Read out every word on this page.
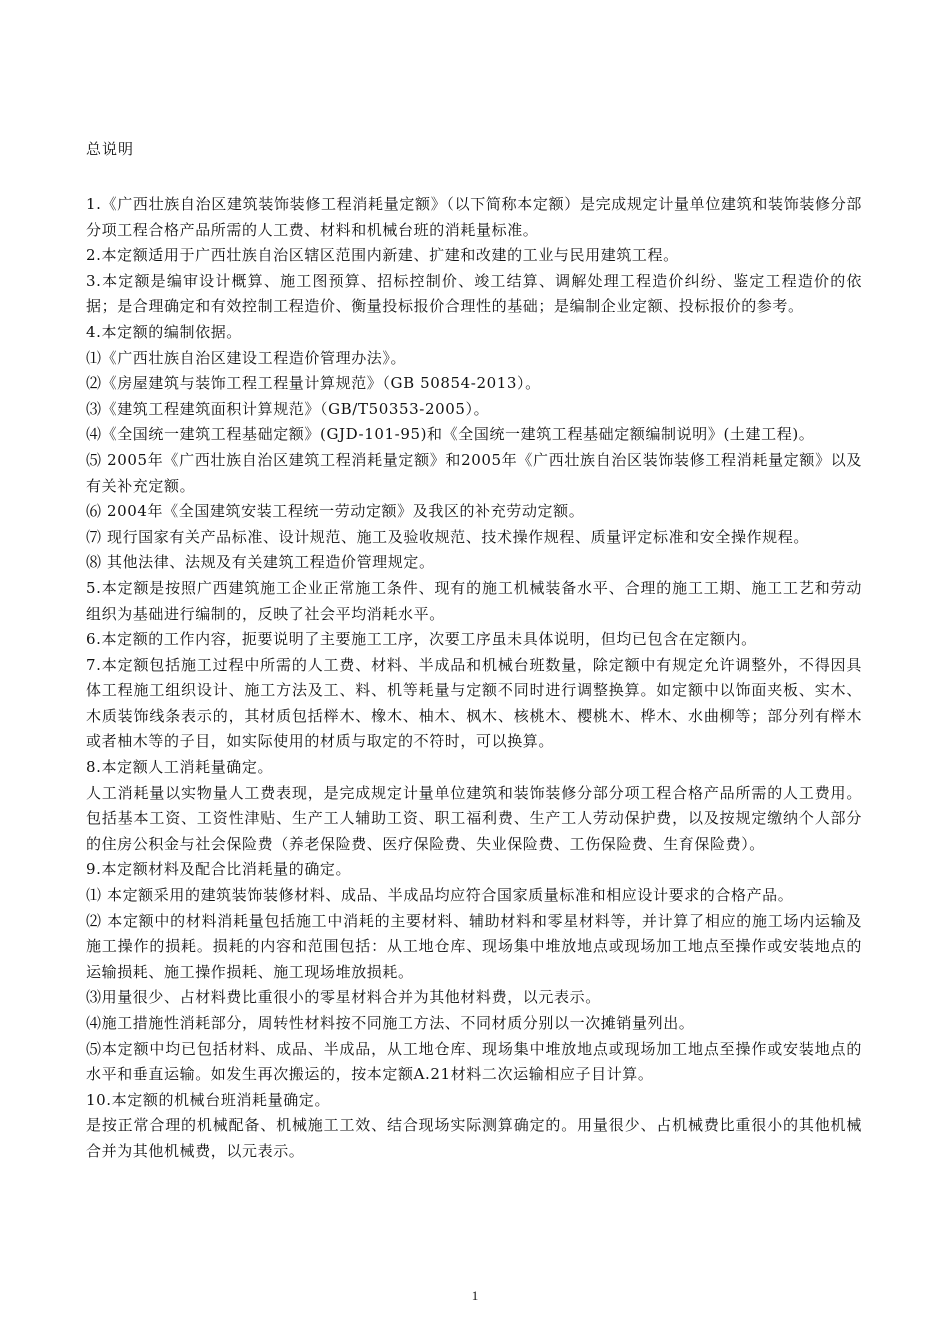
总说明

1.《广西壮族自治区建筑装饰装修工程消耗量定额》（以下简称本定额）是完成规定计量单位建筑和装饰装修分部分项工程合格产品所需的人工费、材料和机械台班的消耗量标准。

2.本定额适用于广西壮族自治区辖区范围内新建、扩建和改建的工业与民用建筑工程。

3.本定额是编审设计概算、施工图预算、招标控制价、竣工结算、调解处理工程造价纠纷、鉴定工程造价的依据；是合理确定和有效控制工程造价、衡量投标报价合理性的基础；是编制企业定额、投标报价的参考。

4.本定额的编制依据。

⑴《广西壮族自治区建设工程造价管理办法》。

⑵《房屋建筑与装饰工程工程量计算规范》（GB 50854-2013）。

⑶《建筑工程建筑面积计算规范》（GB/T50353-2005）。

⑷《全国统一建筑工程基础定额》(GJD-101-95)和《全国统一建筑工程基础定额编制说明》(土建工程)。

⑸ 2005年《广西壮族自治区建筑工程消耗量定额》和2005年《广西壮族自治区装饰装修工程消耗量定额》以及有关补充定额。

⑹ 2004年《全国建筑安装工程统一劳动定额》及我区的补充劳动定额。

⑺ 现行国家有关产品标准、设计规范、施工及验收规范、技术操作规程、质量评定标准和安全操作规程。

⑻ 其他法律、法规及有关建筑工程造价管理规定。

5.本定额是按照广西建筑施工企业正常施工条件、现有的施工机械装备水平、合理的施工工期、施工工艺和劳动组织为基础进行编制的，反映了社会平均消耗水平。

6.本定额的工作内容，扼要说明了主要施工工序，次要工序虽未具体说明，但均已包含在定额内。

7.本定额包括施工过程中所需的人工费、材料、半成品和机械台班数量，除定额中有规定允许调整外，不得因具体工程施工组织设计、施工方法及工、料、机等耗量与定额不同时进行调整换算。如定额中以饰面夹板、实木、木质装饰线条表示的，其材质包括榉木、橡木、柚木、枫木、核桃木、樱桃木、桦木、水曲柳等；部分列有榉木或者柚木等的子目，如实际使用的材质与取定的不符时，可以换算。

8.本定额人工消耗量确定。

人工消耗量以实物量人工费表现，是完成规定计量单位建筑和装饰装修分部分项工程合格产品所需的人工费用。包括基本工资、工资性津贴、生产工人辅助工资、职工福利费、生产工人劳动保护费，以及按规定缴纳个人部分的住房公积金与社会保险费（养老保险费、医疗保险费、失业保险费、工伤保险费、生育保险费）。

9.本定额材料及配合比消耗量的确定。

⑴ 本定额采用的建筑装饰装修材料、成品、半成品均应符合国家质量标准和相应设计要求的合格产品。

⑵ 本定额中的材料消耗量包括施工中消耗的主要材料、辅助材料和零星材料等，并计算了相应的施工场内运输及施工操作的损耗。损耗的内容和范围包括：从工地仓库、现场集中堆放地点或现场加工地点至操作或安装地点的运输损耗、施工操作损耗、施工现场堆放损耗。

⑶用量很少、占材料费比重很小的零星材料合并为其他材料费，以元表示。

⑷施工措施性消耗部分，周转性材料按不同施工方法、不同材质分别以一次摊销量列出。

⑸本定额中均已包括材料、成品、半成品，从工地仓库、现场集中堆放地点或现场加工地点至操作或安装地点的水平和垂直运输。如发生再次搬运的，按本定额A.21材料二次运输相应子目计算。

10.本定额的机械台班消耗量确定。

是按正常合理的机械配备、机械施工工效、结合现场实际测算确定的。用量很少、占机械费比重很小的其他机械合并为其他机械费，以元表示。

1
